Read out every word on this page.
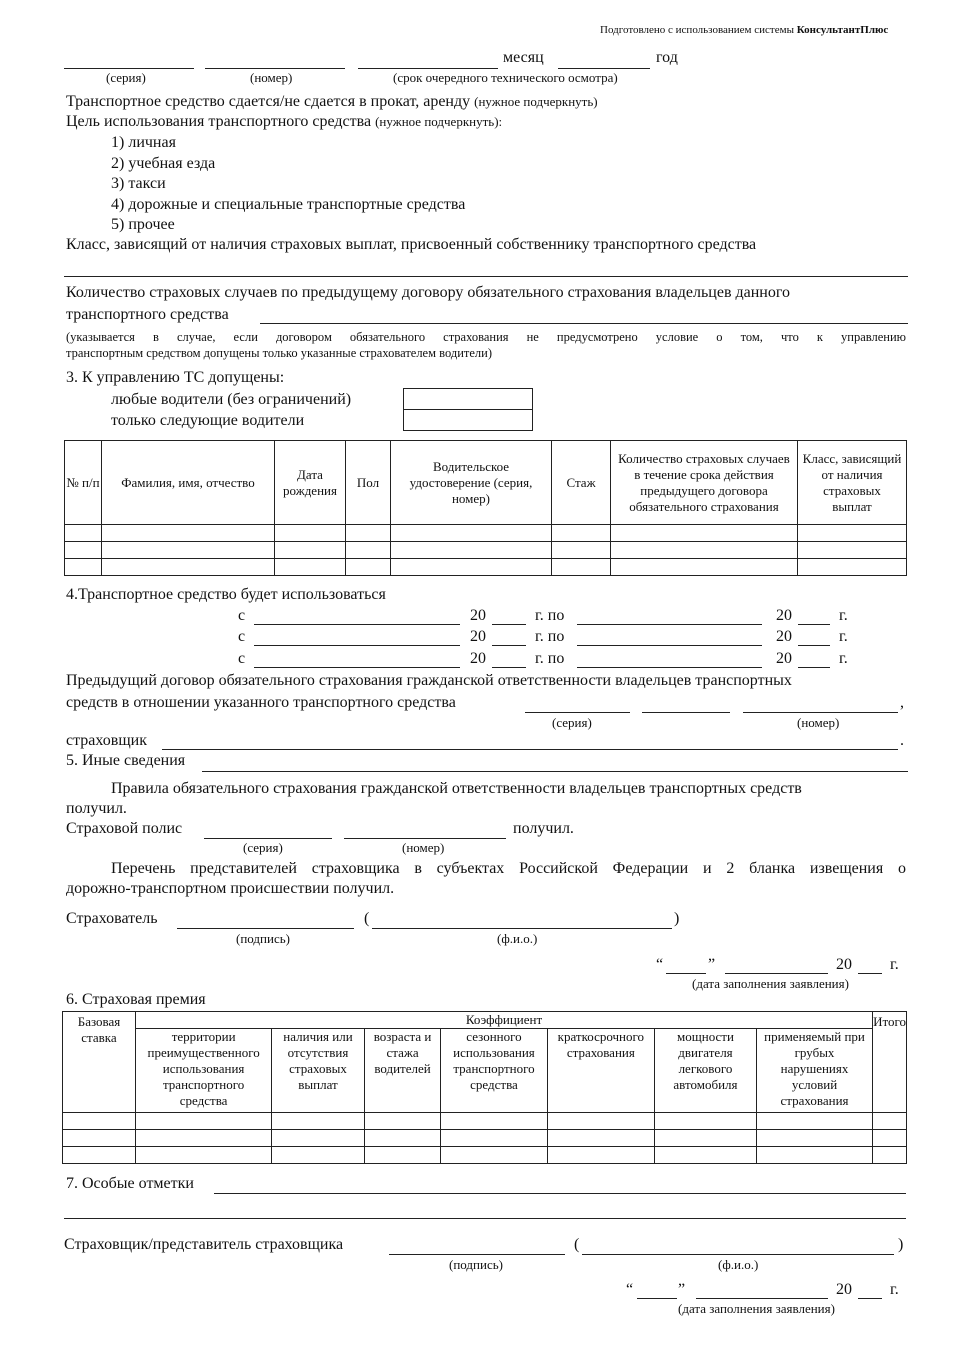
Подготовлено с использованием системы КонсультантПлюс
месяц	год
(серия)	(номер)	(срок очередного технического осмотра)
Транспортное средство сдается/не сдается в прокат, аренду (нужное подчеркнуть)
Цель использования транспортного средства (нужное подчеркнуть):
1) личная
2) учебная езда
3) такси
4) дорожные и специальные транспортные средства
5) прочее
Класс, зависящий от наличия страховых выплат, присвоенный собственнику транспортного средства
Количество страховых случаев по предыдущему договору обязательного страхования владельцев данного
транспортного средства
(указывается в случае, если договором обязательного страхования не предусмотрено условие о том, что к управлению
транспортным средством допущены только указанные страхователем водители)
3. К управлению ТС допущены:
любые водители (без ограничений)
только следующие водители
№ п/п	Фамилия, имя, отчество	Дата рождения	Пол	Водительское удостоверение (серия, номер)	Стаж	Количество страховых случаев в течение срока действия предыдущего договора обязательного страхования	Класс, зависящий от наличия страховых выплат

4.Транспортное средство будет использоваться
с	20	г. по	20	г.
с	20	г. по	20	г.
с	20	г. по	20	г.
Предыдущий договор обязательного страхования гражданской ответственности владельцев транспортных
средств в отношении указанного транспортного средства	,
(серия)	(номер)
страховщик	.
5. Иные сведения
Правила обязательного страхования гражданской ответственности владельцев транспортных средств
получил.
Страховой полис	получил.
(серия)	(номер)
Перечень представителей страховщика в субъектах Российской Федерации и 2 бланка извещения о
дорожно-транспортном происшествии получил.
Страхователь	(	)
(подпись)	(ф.и.о.)
“	”	20 г.
(дата заполнения заявления)
6. Страховая премия
Базовая ставка	Коэффициент							Итого
	территории преимущественного использования транспортного средства	наличия или отсутствия страховых выплат	возраста и стажа водителей	сезонного использования транспортного средства	краткосрочного страхования	мощности двигателя легкового автомобиля	применяемый при грубых нарушениях условий страхования	

7. Особые отметки
Страховщик/представитель страховщика	(	)
(подпись)	(ф.и.о.)
“	”	20 г.
(дата заполнения заявления)
